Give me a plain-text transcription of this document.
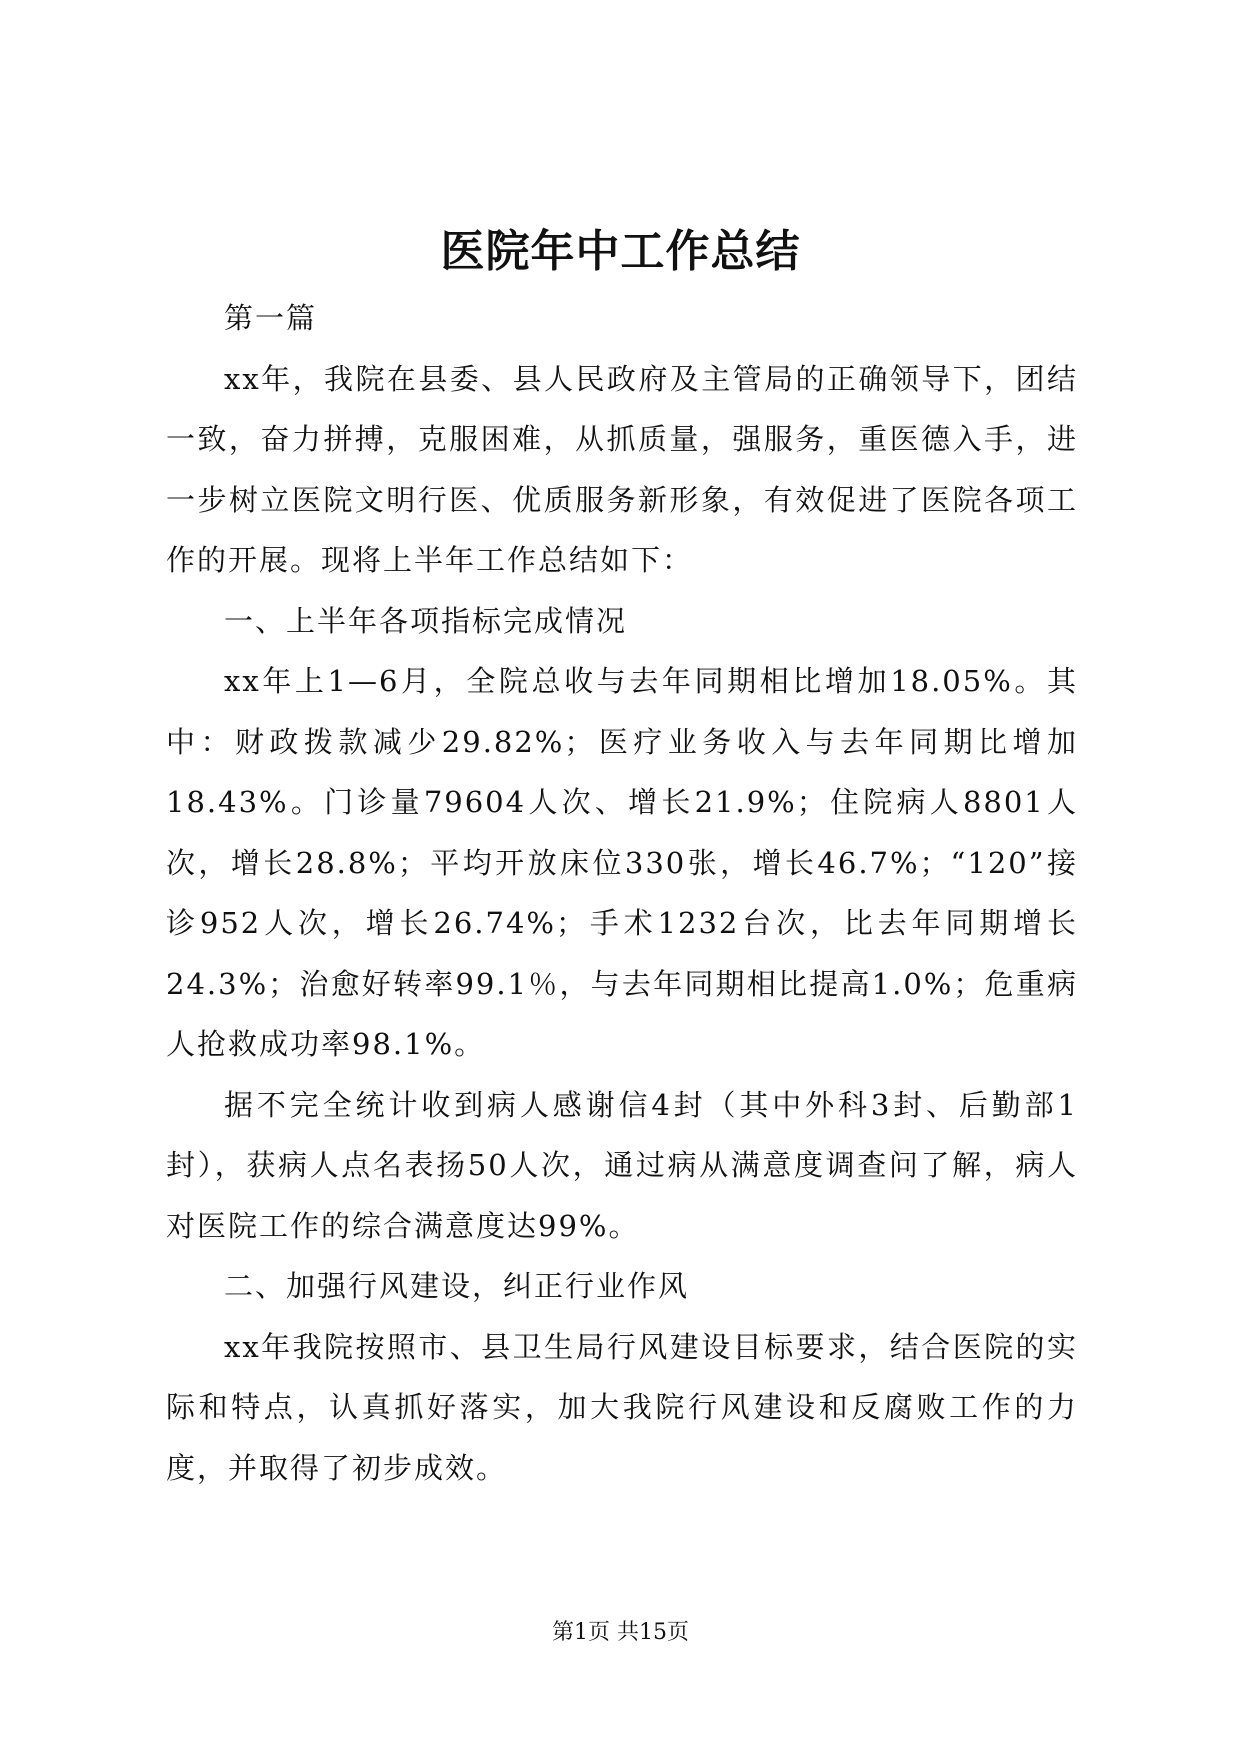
医院年中工作总结

第一篇

xx年，我院在县委、县人民政府及主管局的正确领导下，团结一致，奋力拼搏，克服困难，从抓质量，强服务，重医德入手，进一步树立医院文明行医、优质服务新形象，有效促进了医院各项工作的开展。现将上半年工作总结如下：

一、上半年各项指标完成情况

xx年上1—6月，全院总收与去年同期相比增加18.05%。其中：财政拨款减少29.82%；医疗业务收入与去年同期比增加18.43%。门诊量79604人次、增长21.9%；住院病人8801人次，增长28.8%；平均开放床位330张，增长46.7%；“120”接诊952人次，增长26.74%；手术1232台次，比去年同期增长24.3%；治愈好转率99.1％，与去年同期相比提高1.0%；危重病人抢救成功率98.1%。

据不完全统计收到病人感谢信4封（其中外科3封、后勤部1封），获病人点名表扬50人次，通过病从满意度调查问了解，病人对医院工作的综合满意度达99%。

二、加强行风建设，纠正行业作风

xx年我院按照市、县卫生局行风建设目标要求，结合医院的实际和特点，认真抓好落实，加大我院行风建设和反腐败工作的力度，并取得了初步成效。

第1页 共15页
